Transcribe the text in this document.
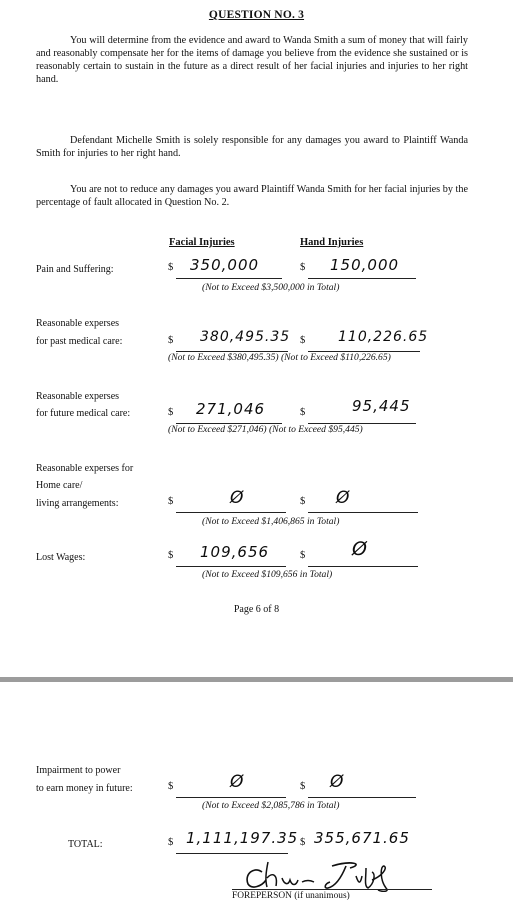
QUESTION NO. 3
You will determine from the evidence and award to Wanda Smith a sum of money that will fairly and reasonably compensate her for the items of damage you believe from the evidence she sustained or is reasonably certain to sustain in the future as a direct result of her facial injuries and injuries to her right hand.
Defendant Michelle Smith is solely responsible for any damages you award to Plaintiff Wanda Smith for injuries to her right hand.
You are not to reduce any damages you award Plaintiff Wanda Smith for her facial injuries by the percentage of fault allocated in Question No. 2.
Facial Injuries	Hand Injuries
Pain and Suffering:	$ 350,000	$ 150,000
(Not to Exceed $3,500,000 in Total)
Reasonable experses
for past medical care:	$ 380,495.35 $ 110,226.65
(Not to Exceed $380,495.35) (Not to Exceed $110,226.65)
Reasonable experses
for future medical care:	$ 271,046	$	95,445
(Not to Exceed $271,046) (Not to Exceed $95,445)
Reasonable experses for
Home care/
living arrangements:	$	Ø	$ Ø
(Not to Exceed $1,406,865 in Total)
Lost Wages:	$ 109,656	$ Ø
(Not to Exceed $109,656 in Total)
Page 6 of 8
Impairment to power
to earn money in future:	$	Ø	$ Ø
(Not to Exceed $2,085,786 in Total)
TOTAL:	$ 1,111,197.35 $ 355,671.65
FOREPERSON (if unanimous)
